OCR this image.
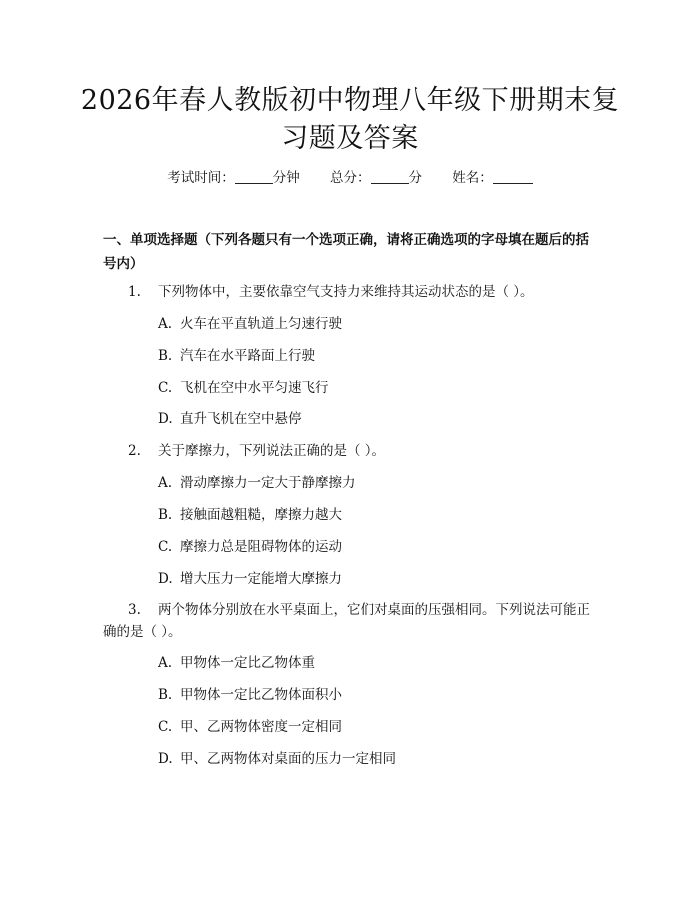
2026年春人教版初中物理八年级下册期末复
习题及答案
考试时间：	分钟 总分：	分 姓名：
一、单项选择题（下列各题只有一个选项正确，请将正确选项的字母填在题后的括号内）
1.	下列物体中，主要依靠空气支持力来维持其运动状态的是（ ）。
A. 火车在平直轨道上匀速行驶
B. 汽车在水平路面上行驶
C. 飞机在空中水平匀速飞行
D. 直升飞机在空中悬停
2.	关于摩擦力，下列说法正确的是（ ）。
A. 滑动摩擦力一定大于静摩擦力
B. 接触面越粗糙，摩擦力越大
C. 摩擦力总是阻碍物体的运动
D. 增大压力一定能增大摩擦力
3.	两个物体分别放在水平桌面上，它们对桌面的压强相同。下列说法可能正
确的是（ ）。
A. 甲物体一定比乙物体重
B. 甲物体一定比乙物体面积小
C. 甲、乙两物体密度一定相同
D. 甲、乙两物体对桌面的压力一定相同
